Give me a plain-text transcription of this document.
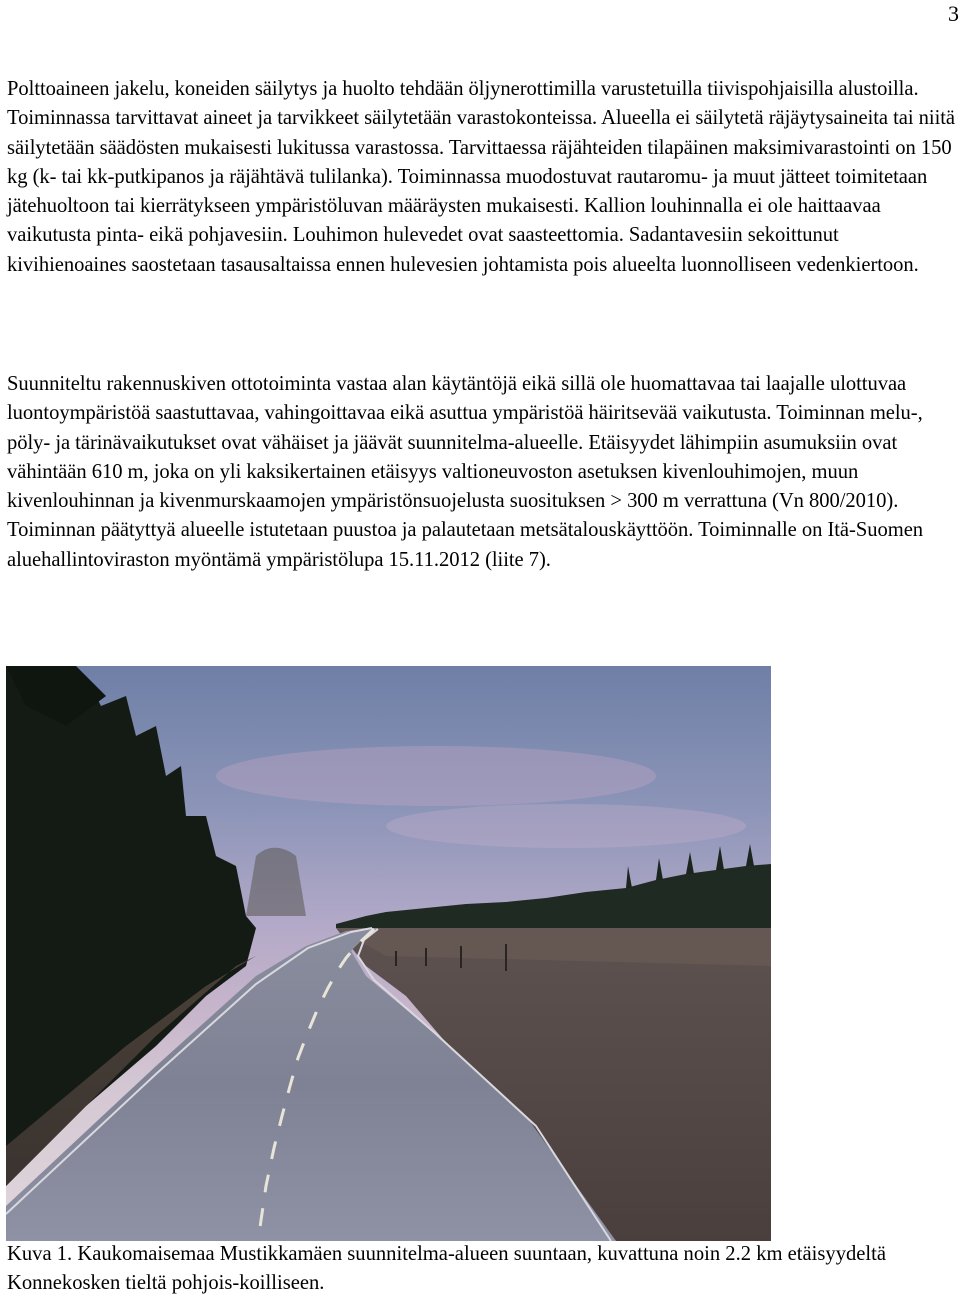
3

Polttoaineen jakelu, koneiden säilytys ja huolto tehdään öljynerottimilla varustetuilla tiivispohjaisilla alustoilla. Toiminnassa tarvittavat aineet ja tarvikkeet säilytetään varastokonteissa. Alueella ei säilytetä räjäytysaineita tai niitä säilytetään säädösten mukaisesti lukitussa varastossa. Tarvittaessa räjähteiden tilapäinen maksimivarastointi on 150 kg (k- tai kk-putkipanos ja räjähtävä tulilanka). Toiminnassa muodostuvat rautaromu- ja muut jätteet toimitetaan jätehuoltoon tai kierrätykseen ympäristöluvan määräysten mukaisesti. Kallion louhinnalla ei ole haittaavaa vaikutusta pinta- eikä pohjavesiin. Louhimon hulevedet ovat saasteettomia. Sadantavesiin sekoittunut kivihienoaines saostetaan tasausaltaissa ennen hulevesien johtamista pois alueelta luonnolliseen vedenkiertoon.

Suunniteltu rakennuskiven ottotoiminta vastaa alan käytäntöjä eikä sillä ole huomattavaa tai laajalle ulottuvaa luontoympäristöä saastuttavaa, vahingoittavaa eikä asuttua ympäristöä häiritsevää vaikutusta. Toiminnan melu-, pöly- ja tärinävaikutukset ovat vähäiset ja jäävät suunnitelma-alueelle. Etäisyydet lähimpiin asumuksiin ovat vähintään 610 m, joka on yli kaksikertainen etäisyys valtioneuvoston asetuksen kivenlouhimojen, muun kivenlouhinnan ja kivenmurskaamojen ympäristönsuojelusta suosituksen > 300 m verrattuna (Vn 800/2010). Toiminnan päätyttyä alueelle istutetaan puustoa ja palautetaan metsätalouskäyttöön. Toiminnalle on Itä-Suomen aluehallintoviraston myöntämä ympäristölupa 15.11.2012 (liite 7).

Kuva 1. Kaukomaisemaa Mustikkamäen suunnitelma-alueen suuntaan, kuvattuna noin 2.2 km etäisyydeltä Konnekosken tieltä pohjois-koilliseen.
